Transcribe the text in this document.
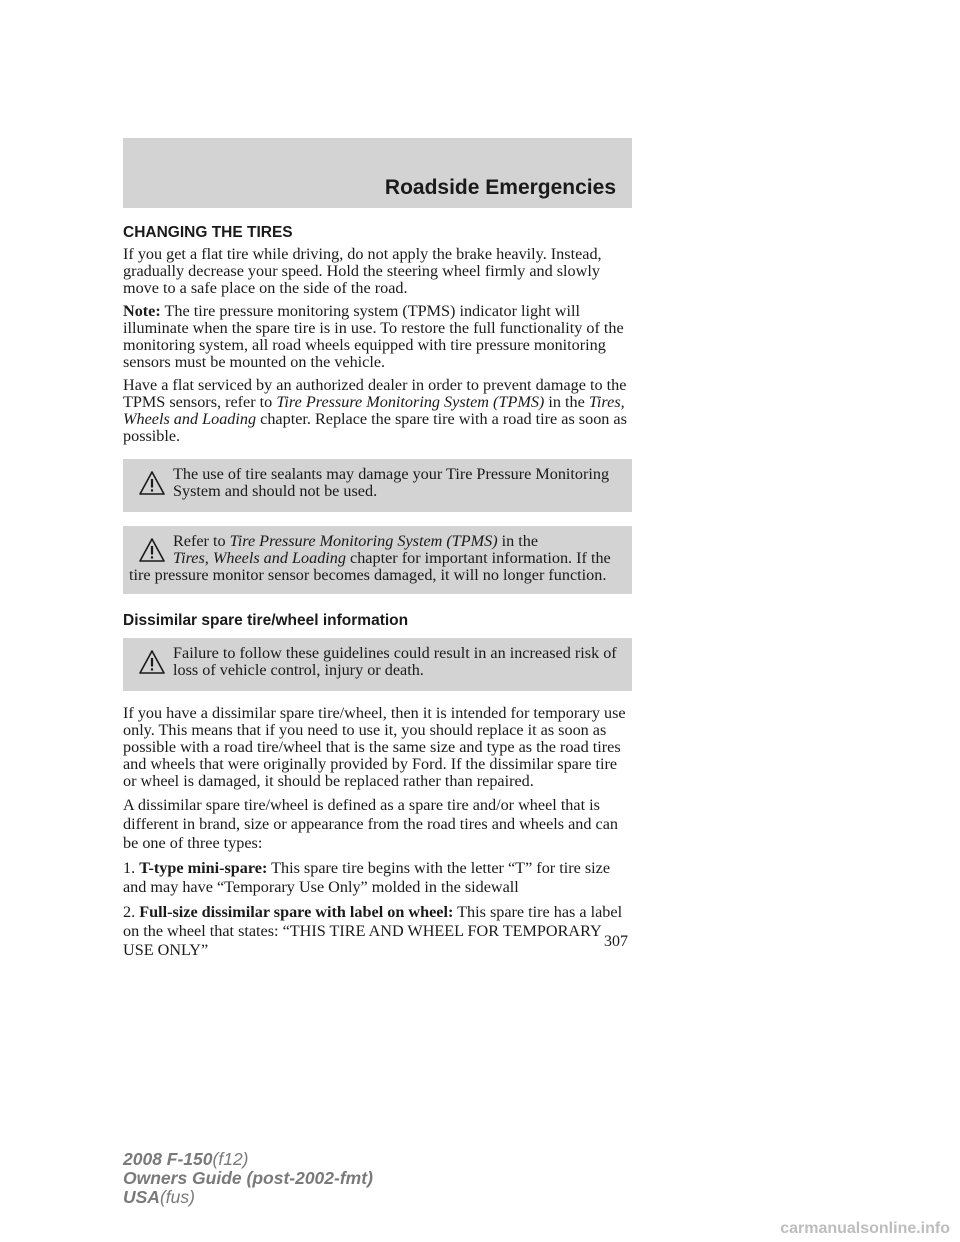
Roadside Emergencies
CHANGING THE TIRES

If you get a flat tire while driving, do not apply the brake heavily. Instead, gradually decrease your speed. Hold the steering wheel firmly and slowly move to a safe place on the side of the road.

Note: The tire pressure monitoring system (TPMS) indicator light will illuminate when the spare tire is in use. To restore the full functionality of the monitoring system, all road wheels equipped with tire pressure monitoring sensors must be mounted on the vehicle.

Have a flat serviced by an authorized dealer in order to prevent damage to the TPMS sensors, refer to Tire Pressure Monitoring System (TPMS) in the Tires, Wheels and Loading chapter. Replace the spare tire with a road tire as soon as possible.

The use of tire sealants may damage your Tire Pressure Monitoring System and should not be used.
Refer to Tire Pressure Monitoring System (TPMS) in the
Tires, Wheels and Loading chapter for important information. If the tire pressure monitor sensor becomes damaged, it will no longer function.
Dissimilar spare tire/wheel information
Failure to follow these guidelines could result in an increased risk of loss of vehicle control, injury or death.

If you have a dissimilar spare tire/wheel, then it is intended for temporary use only. This means that if you need to use it, you should replace it as soon as possible with a road tire/wheel that is the same size and type as the road tires and wheels that were originally provided by Ford. If the dissimilar spare tire or wheel is damaged, it should be replaced rather than repaired.

A dissimilar spare tire/wheel is defined as a spare tire and/or wheel that is different in brand, size or appearance from the road tires and wheels and can be one of three types:

1. T-type mini-spare: This spare tire begins with the letter “T” for tire size and may have “Temporary Use Only” molded in the sidewall

2. Full-size dissimilar spare with label on wheel: This spare tire has a label on the wheel that states: “THIS TIRE AND WHEEL FOR TEMPORARY USE ONLY”	307
2008 F-150(f12)
Owners Guide (post-2002-fmt)
USA(fus)
carmanualsonline.info
